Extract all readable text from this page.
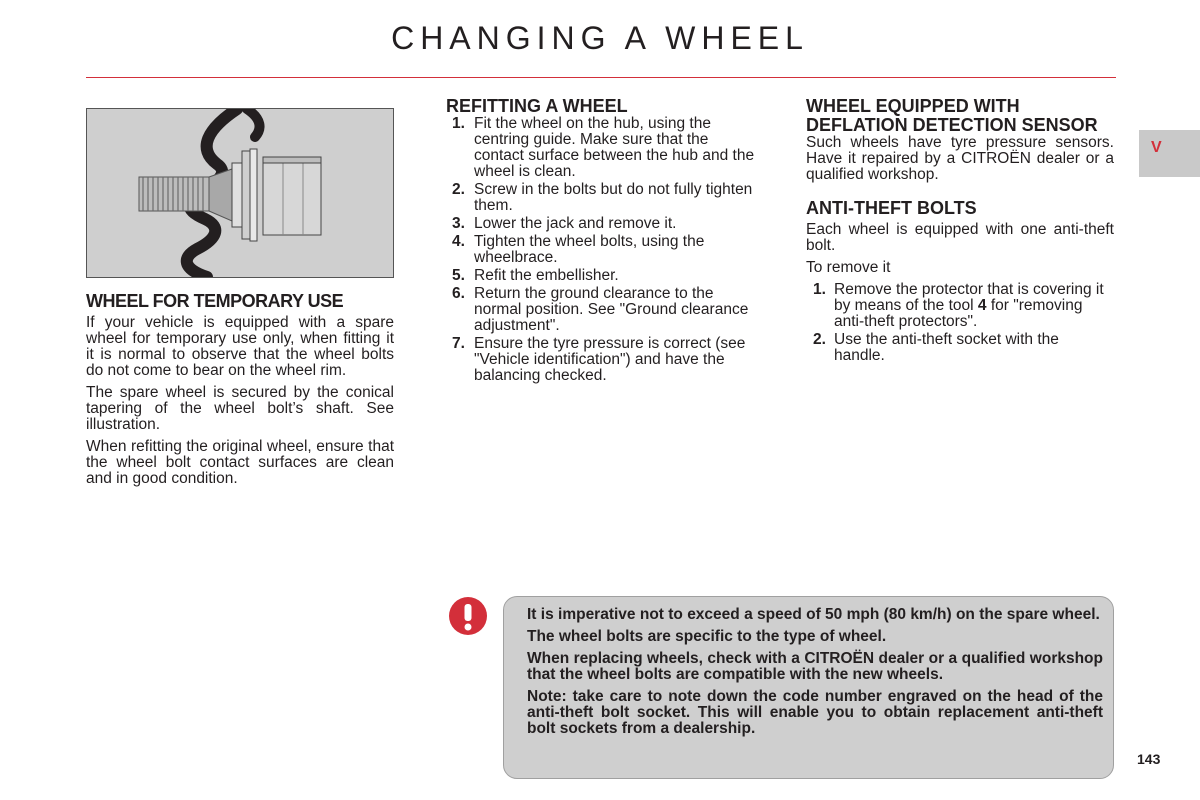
CHANGING A WHEEL
V
WHEEL FOR TEMPORARY USE

If your vehicle is equipped with a spare wheel for temporary use only, when fitting it it is normal to observe that the wheel bolts do not come to bear on the wheel rim.

The spare wheel is secured by the conical tapering of the wheel bolt’s shaft. See illustration.

When refitting the original wheel, ensure that the wheel bolt contact surfaces are clean and in good condition.

REFITTING A WHEEL
1. Fit the wheel on the hub, using the centring guide. Make sure that the contact surface between the hub and the wheel is clean.
2. Screw in the bolts but do not fully tighten them.
3. Lower the jack and remove it.
4. Tighten the wheel bolts, using the wheelbrace.
5. Refit the embellisher.
6. Return the ground clearance to the normal position. See "Ground clearance adjustment".
7. Ensure the tyre pressure is correct (see "Vehicle identification") and have the balancing checked.
WHEEL EQUIPPED WITH DEFLATION DETECTION SENSOR

Such wheels have tyre pressure sensors. Have it repaired by a CITROËN dealer or a qualified workshop.

ANTI-THEFT BOLTS

Each wheel is equipped with one anti-theft bolt.

To remove it

1. Remove the protector that is covering it by means of the tool 4 for "removing anti-theft protectors".
2. Use the anti-theft socket with the handle.

It is imperative not to exceed a speed of 50 mph (80 km/h) on the spare wheel.

The wheel bolts are specific to the type of wheel.

When replacing wheels, check with a CITROËN dealer or a qualified workshop that the wheel bolts are compatible with the new wheels.

Note: take care to note down the code number engraved on the head of the anti-theft bolt socket. This will enable you to obtain replacement anti-theft bolt sockets from a dealership.

143
